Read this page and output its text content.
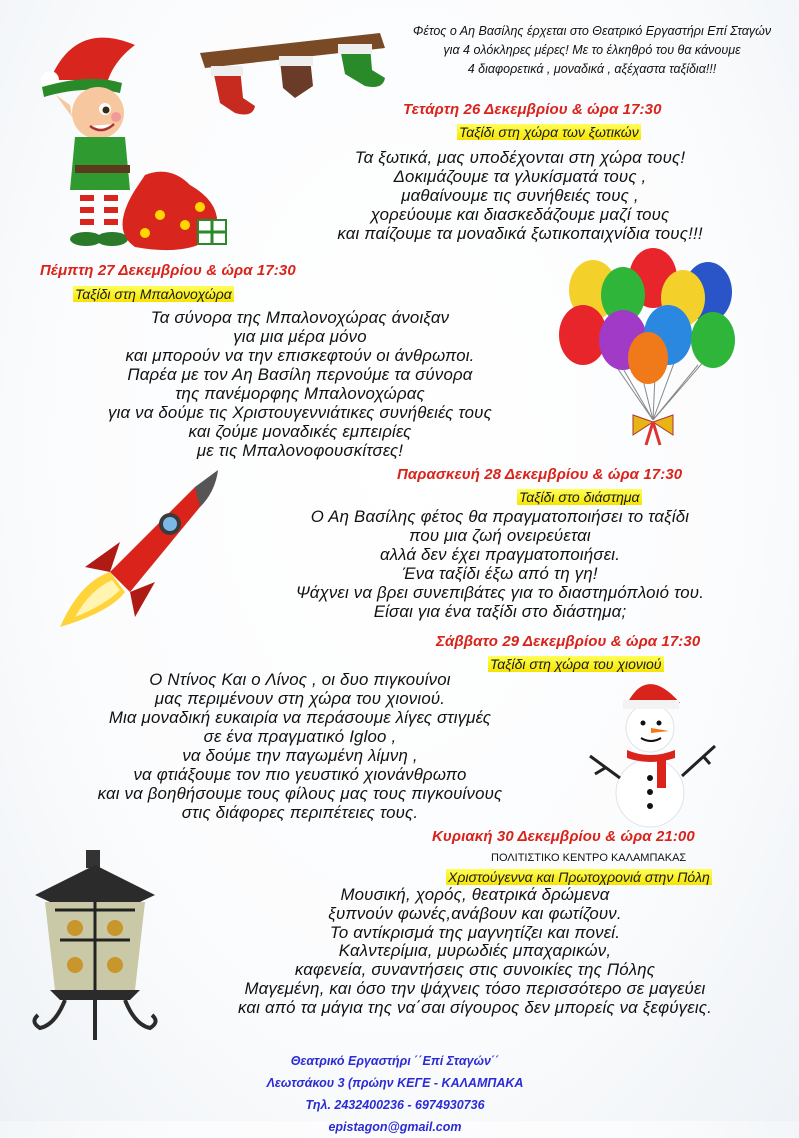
Φέτος ο Αη Βασίλης έρχεται στο Θεατρικό Εργαστήρι Επί Σταγών
για 4 ολόκληρες μέρες! Με το έλκηθρό του θα κάνουμε
4 διαφορετικά , μοναδικά , αξέχαστα ταξίδια!!!
Τετάρτη 26 Δεκεμβρίου & ώρα 17:30
Ταξίδι στη χώρα των ξωτικών
Τα ξωτικά, μας υποδέχονται στη χώρα τους!
Δοκιμάζουμε τα γλυκίσματά τους ,
μαθαίνουμε τις συνήθειές τους ,
χορεύουμε και διασκεδάζουμε μαζί τους
και παίζουμε τα μοναδικά ξωτικοπαιχνίδια τους!!!
Πέμπτη 27 Δεκεμβρίου & ώρα 17:30
Ταξίδι στη Μπαλονοχώρα
Τα σύνορα της Μπαλονοχώρας άνοιξαν
για μια μέρα μόνο
και μπορούν να την επισκεφτούν οι άνθρωποι.
Παρέα με τον Αη Βασίλη περνούμε τα σύνορα
της πανέμορφης Μπαλονοχώρας
για να δούμε τις Χριστουγεννιάτικες συνήθειές τους
και ζούμε μοναδικές εμπειρίες
με τις Μπαλονοφουσκίτσες!
Παρασκευή 28 Δεκεμβρίου & ώρα 17:30
Ταξίδι στο διάστημα
Ο Αη Βασίλης φέτος θα πραγματοποιήσει το ταξίδι
που μια ζωή ονειρεύεται
αλλά δεν έχει πραγματοποιήσει.
Ένα ταξίδι έξω από τη γη!
Ψάχνει να βρει συνεπιβάτες για το διαστημόπλοιό του.
Είσαι για ένα ταξίδι στο διάστημα;
Σάββατο 29 Δεκεμβρίου & ώρα 17:30
Ταξίδι στη χώρα του χιονιού
Ο Ντίνος Και ο Λίνος , οι δυο πιγκουίνοι
μας περιμένουν στη χώρα του χιονιού.
Μια μοναδική ευκαιρία να περάσουμε λίγες στιγμές
σε ένα πραγματικό Igloo ,
να δούμε την παγωμένη λίμνη ,
να φτιάξουμε τον πιο γευστικό χιονάνθρωπο
και να βοηθήσουμε τους φίλους μας τους πιγκουίνους
στις διάφορες περιπέτειες τους.
Κυριακή 30 Δεκεμβρίου & ώρα 21:00
ΠΟΛΙΤΙΣΤΙΚΟ ΚΕΝΤΡΟ ΚΑΛΑΜΠΑΚΑΣ
Χριστούγεννα και Πρωτοχρονιά στην Πόλη
Μουσική, χορός, θεατρικά δρώμενα
ξυπνούν φωνές,ανάβουν και φωτίζουν.
Το αντίκρισμά της μαγνητίζει και πονεί.
Καλντερίμια, μυρωδιές μπαχαρικών,
καφενεία, συναντήσεις στις συνοικίες της Πόλης
Μαγεμένη, και όσο την ψάχνεις τόσο περισσότερο σε μαγεύει
και από τα μάγια της να΄σαι σίγουρος δεν μπορείς να ξεφύγεις.
Θεατρικό Εργαστήρι ΄΄Επί Σταγών΄΄
Λεωτσάκου 3 (πρώην ΚΕΓΕ - ΚΑΛΑΜΠΑΚΑ
Τηλ. 2432400236 - 6974930736
epistagon@gmail.com
